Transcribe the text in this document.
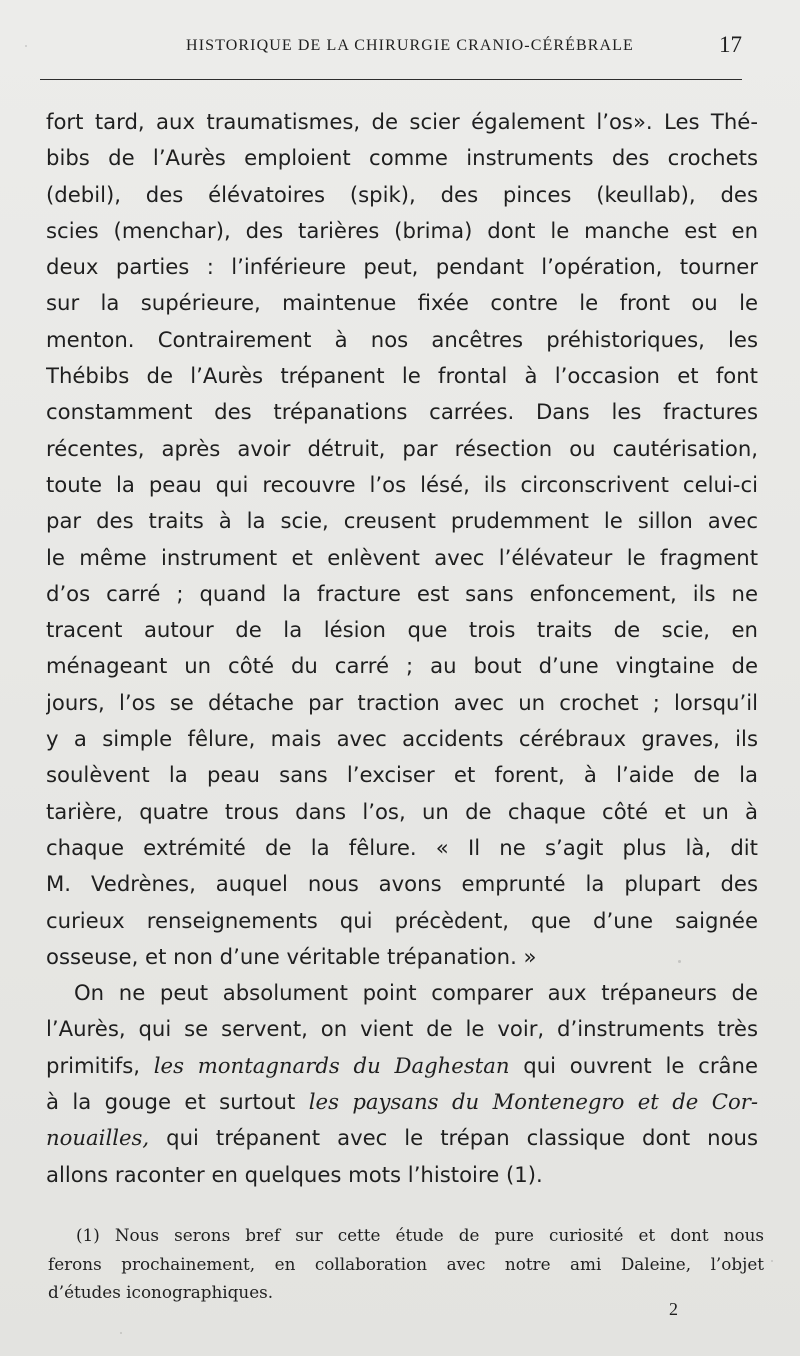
HISTORIQUE DE LA CHIRURGIE CRANIO-CÉRÉBRALE	17
fort tard, aux traumatismes, de scier également l’os». Les Thé-
bibs de l’Aurès emploient comme instruments des crochets
(debil), des élévatoires (spik), des pinces (keullab), des
scies (menchar), des tarières (brima) dont le manche est en
deux parties : l’inférieure peut, pendant l’opération, tourner
sur la supérieure, maintenue fixée contre le front ou le
menton. Contrairement à nos ancêtres préhistoriques, les
Thébibs de l’Aurès trépanent le frontal à l’occasion et font
constamment des trépanations carrées. Dans les fractures
récentes, après avoir détruit, par résection ou cautérisation,
toute la peau qui recouvre l’os lésé, ils circonscrivent celui-ci
par des traits à la scie, creusent prudemment le sillon avec
le même instrument et enlèvent avec l’élévateur le fragment
d’os carré ; quand la fracture est sans enfoncement, ils ne
tracent autour de la lésion que trois traits de scie, en
ménageant un côté du carré ; au bout d’une vingtaine de
jours, l’os se détache par traction avec un crochet ; lorsqu’il
y a simple fêlure, mais avec accidents cérébraux graves, ils
soulèvent la peau sans l’exciser et forent, à l’aide de la
tarière, quatre trous dans l’os, un de chaque côté et un à
chaque extrémité de la fêlure. « Il ne s’agit plus là, dit
M. Vedrènes, auquel nous avons emprunté la plupart des
curieux renseignements qui précèdent, que d’une saignée
osseuse, et non d’une véritable trépanation. »
On ne peut absolument point comparer aux trépaneurs de
l’Aurès, qui se servent, on vient de le voir, d’instruments très
primitifs, les montagnards du Daghestan qui ouvrent le crâne
à la gouge et surtout les paysans du Montenegro et de Cor-
nouailles, qui trépanent avec le trépan classique dont nous
allons raconter en quelques mots l’histoire (1).
(1) Nous serons bref sur cette étude de pure curiosité et dont nous
ferons prochainement, en collaboration avec notre ami Daleine, l’objet
d’études iconographiques.
2
